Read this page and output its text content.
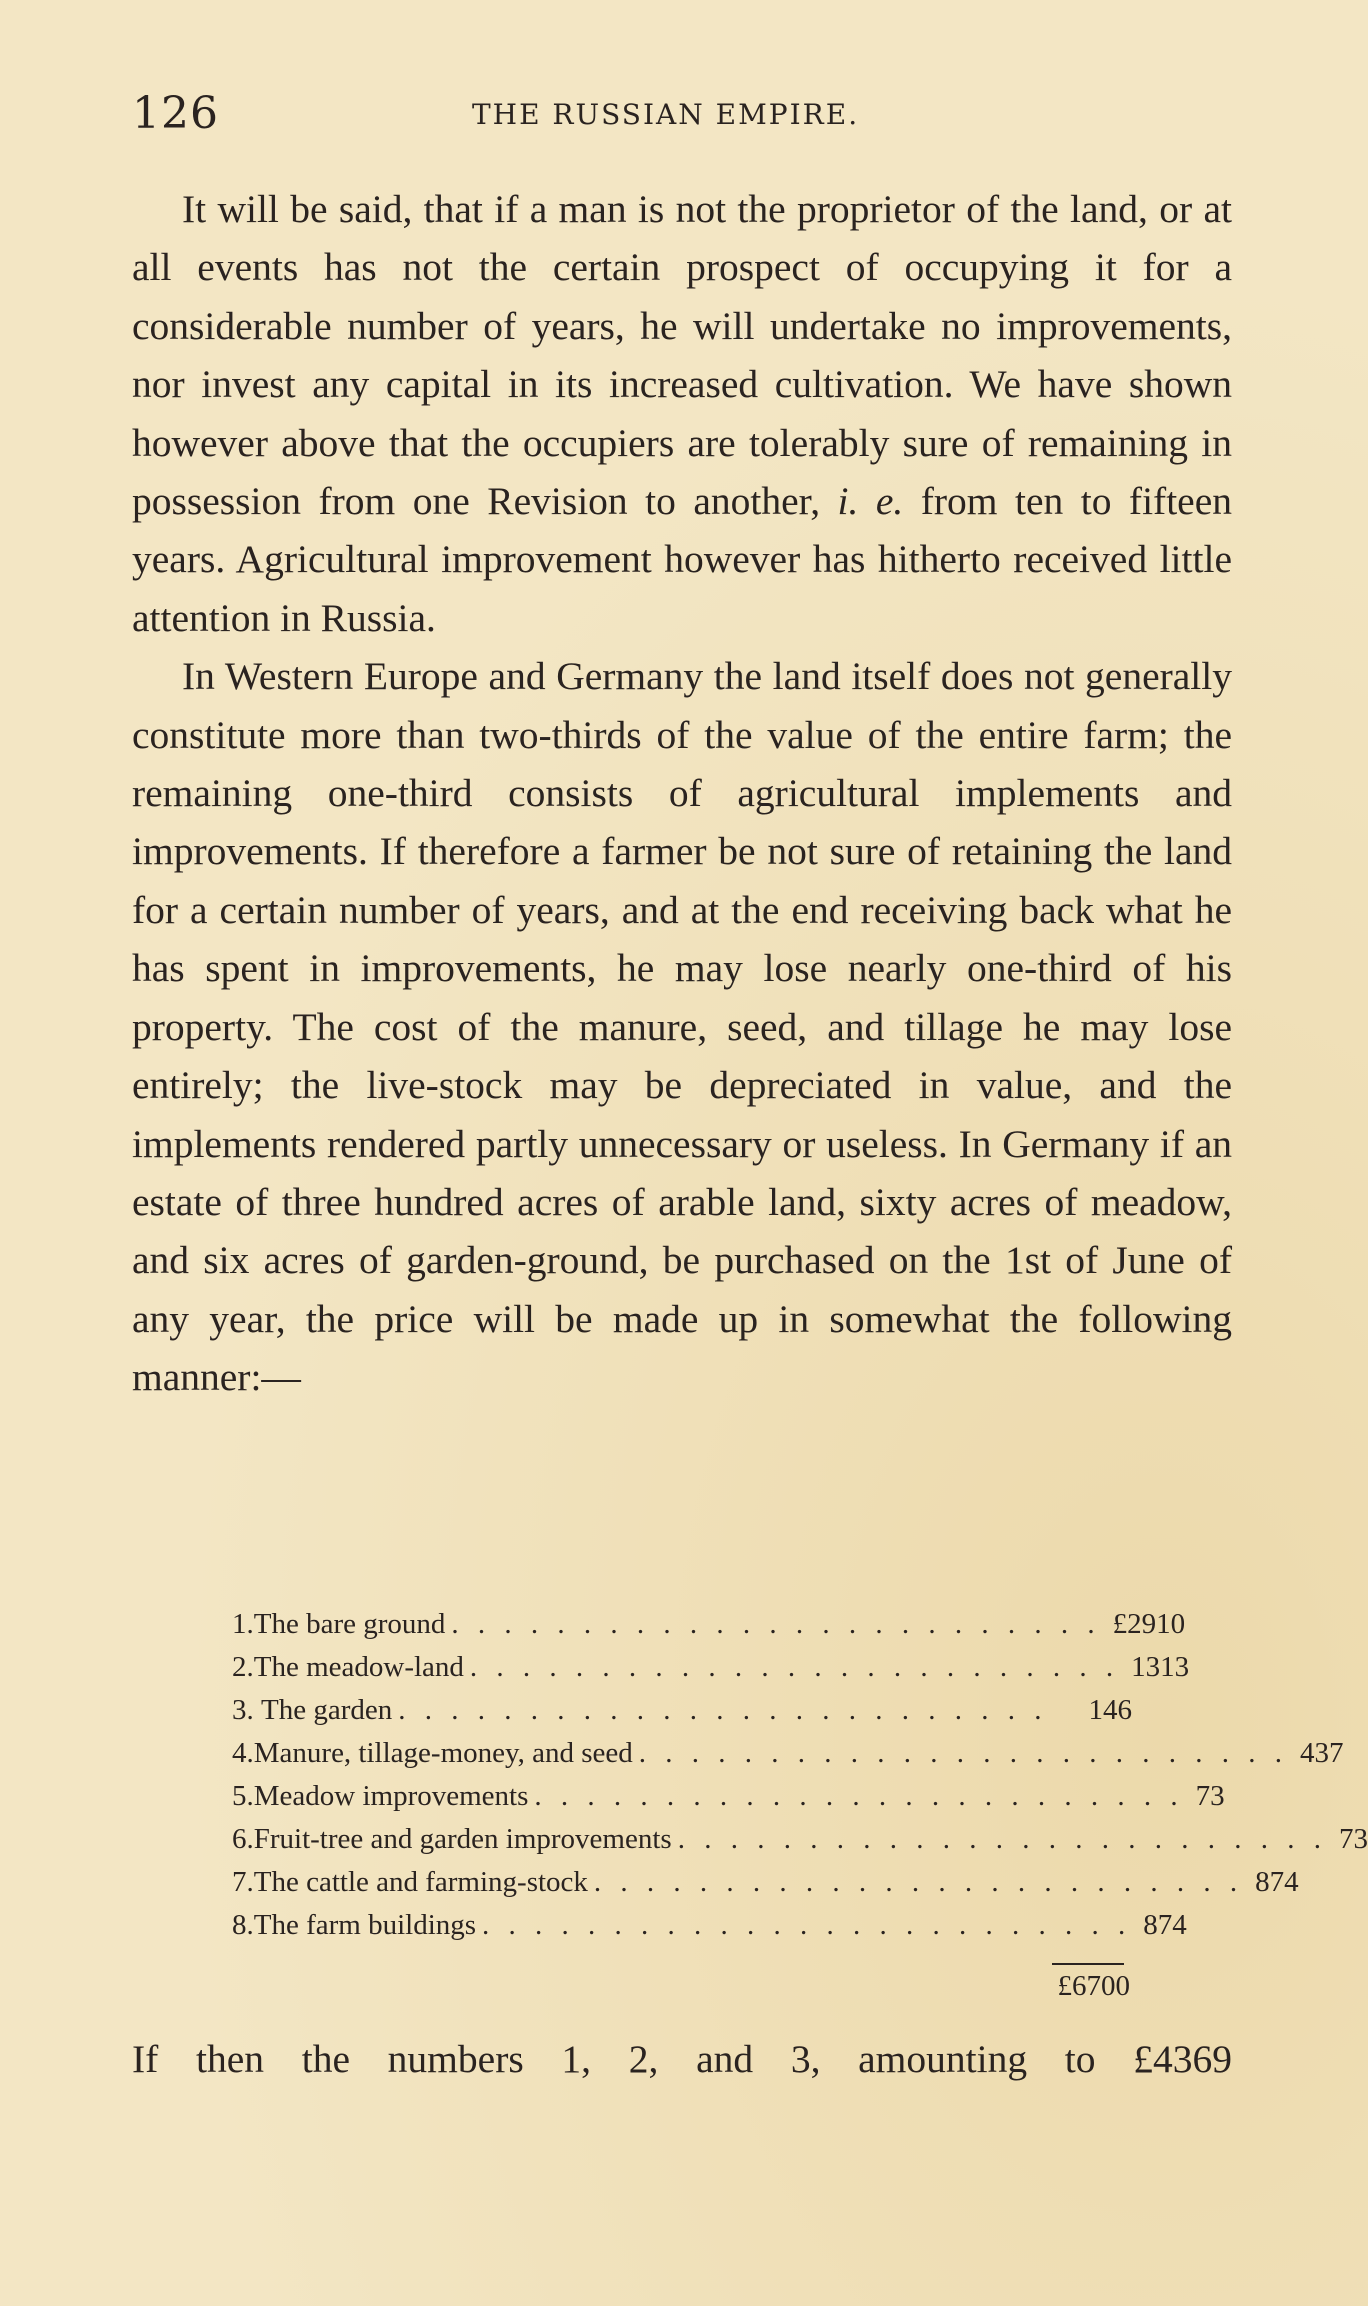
126	THE RUSSIAN EMPIRE.

It will be said, that if a man is not the proprietor of the land, or at all events has not the certain prospect of occupying it for a considerable number of years, he will undertake no improvements, nor invest any capital in its increased cultivation. We have shown however above that the occupiers are tolerably sure of remaining in possession from one Revision to another, i. e. from ten to fifteen years. Agricultural improvement however has hitherto received little attention in Russia.

In Western Europe and Germany the land itself does not generally constitute more than two-thirds of the value of the entire farm; the remaining one-third consists of agricultural implements and improvements. If therefore a farmer be not sure of retaining the land for a certain number of years, and at the end receiving back what he has spent in improvements, he may lose nearly one-third of his property. The cost of the manure, seed, and tillage he may lose entirely; the live-stock may be depreciated in value, and the implements rendered partly unnecessary or useless. In Germany if an estate of three hundred acres of arable land, sixty acres of meadow, and six acres of garden-ground, be purchased on the 1st of June of any year, the price will be made up in somewhat the following manner:—

1. The bare ground . . . . . . . . . . . . . . . . . . . . . . . . . £2910
2. The meadow-land . . . . . . . . . . . . . . . . . . . . . . . . . 1313
3. The garden . . . . . . . . . . . . . . . . . . . . . . . . .	146
4. Manure, tillage-money, and seed . . . . . . . . . . . . . . . . . . . . . . . . . 437
5. Meadow improvements . . . . . . . . . . . . . . . . . . . . . . . . . 73
6. Fruit-tree and garden improvements . . . . . . . . . . . . . . . . . . . . . . . . . 73
7. The cattle and farming-stock . . . . . . . . . . . . . . . . . . . . . . . . . 874
8. The farm buildings . . . . . . . . . . . . . . . . . . . . . . . . . 874
£6700
If then the numbers 1, 2, and 3, amounting to £4369
